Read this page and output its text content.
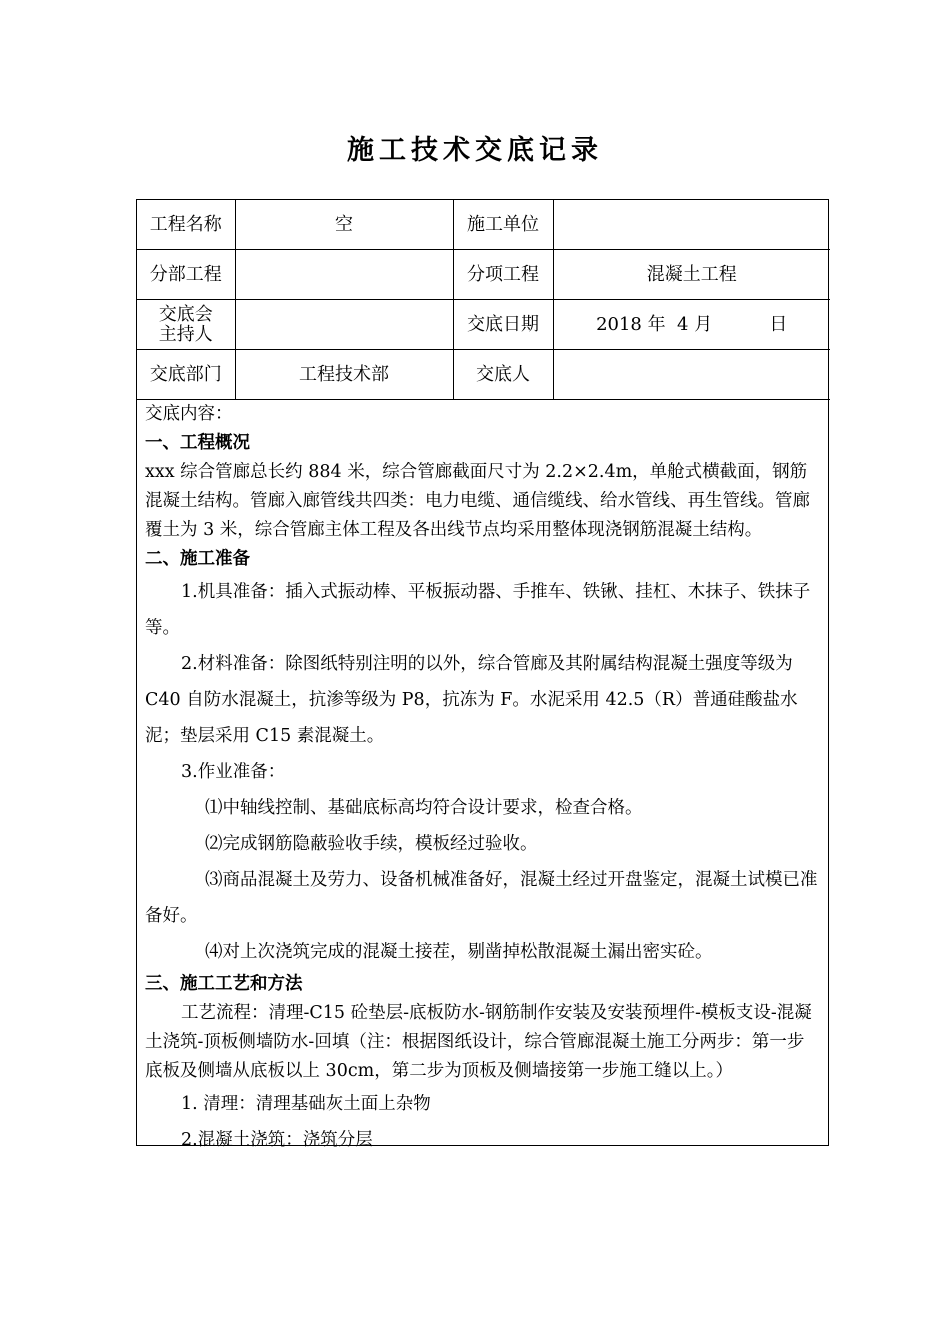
施工技术交底记录
工程名称	空	施工单位	
分部工程		分项工程	混凝土工程

交底会
主持人		交底日期	2018 年  4 月          日
交底部门	工程技术部	交底人	

交底内容：

一、工程概况

xxx 综合管廊总长约 884 米，综合管廊截面尺寸为 2.2×2.4m，单舱式横截面，钢筋混凝土结构。管廊入廊管线共四类：电力电缆、通信缆线、给水管线、再生管线。管廊覆土为 3 米，综合管廊主体工程及各出线节点均采用整体现浇钢筋混凝土结构。

二、施工准备

1.机具准备：插入式振动棒、平板振动器、手推车、铁锹、挂杠、木抹子、铁抹子等。

2.材料准备：除图纸特别注明的以外，综合管廊及其附属结构混凝土强度等级为 C40 自防水混凝土，抗渗等级为 P8，抗冻为 F。水泥采用 42.5（R）普通硅酸盐水泥；垫层采用 C15 素混凝土。

3.作业准备：

⑴中轴线控制、基础底标高均符合设计要求，检查合格。

⑵完成钢筋隐蔽验收手续，模板经过验收。

⑶商品混凝土及劳力、设备机械准备好，混凝土经过开盘鉴定，混凝土试模已准备好。

⑷对上次浇筑完成的混凝土接茬，剔凿掉松散混凝土漏出密实砼。

三、施工工艺和方法

工艺流程：清理-C15 砼垫层-底板防水-钢筋制作安装及安装预埋件-模板支设-混凝土浇筑-顶板侧墙防水-回填（注：根据图纸设计，综合管廊混凝土施工分两步：第一步底板及侧墙从底板以上 30cm，第二步为顶板及侧墙接第一步施工缝以上。）

1. 清理：清理基础灰土面上杂物

2.混凝土浇筑：浇筑分层
